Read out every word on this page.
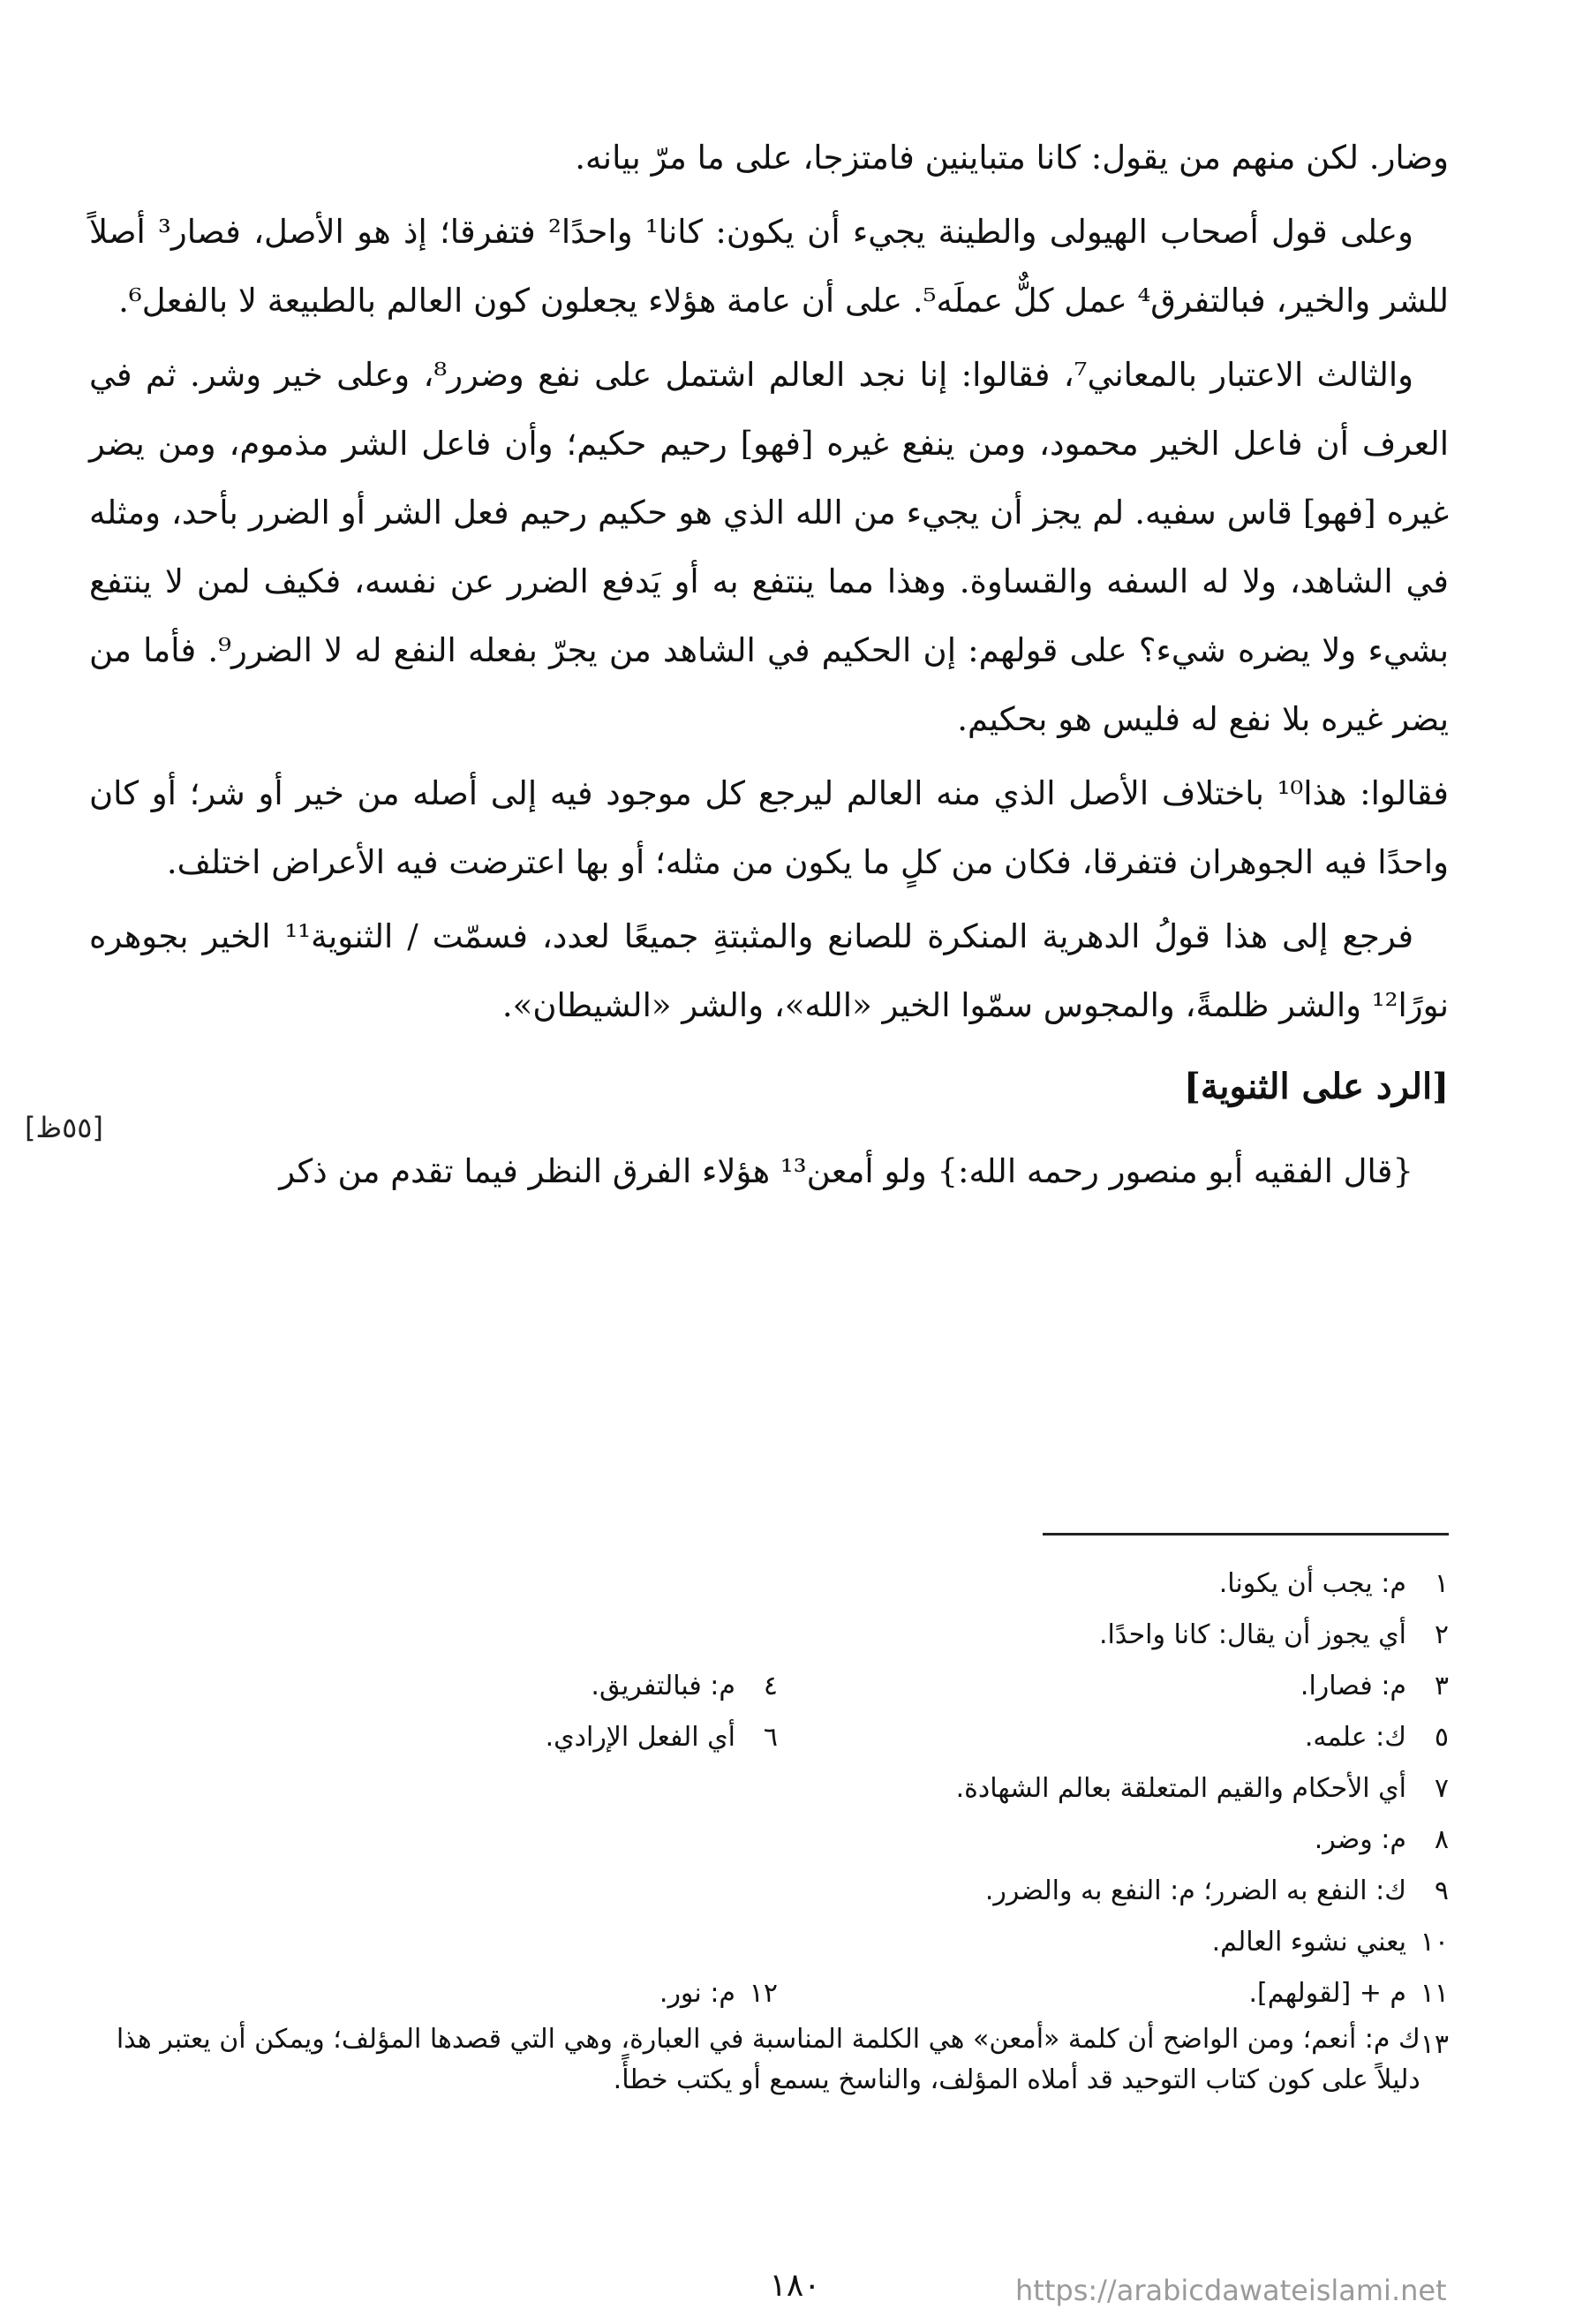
وضار. لكن منهم من يقول: كانا متباينين فامتزجا، على ما مرّ بيانه.

وعلى قول أصحاب الهيولى والطينة يجيء أن يكون: كانا¹ واحدًا² فتفرقا؛ إذ هو الأصل، فصار³ أصلاً للشر والخير، فبالتفرق⁴ عمل كلٌّ عملَه⁵. على أن عامة هؤلاء يجعلون كون العالم بالطبيعة لا بالفعل⁶.

والثالث الاعتبار بالمعاني⁷، فقالوا: إنا نجد العالم اشتمل على نفع وضرر⁸، وعلى خير وشر. ثم في العرف أن فاعل الخير محمود، ومن ينفع غيره [فهو] رحيم حكيم؛ وأن فاعل الشر مذموم، ومن يضر غيره [فهو] قاس سفيه. لم يجز أن يجيء من الله الذي هو حكيم رحيم فعل الشر أو الضرر بأحد، ومثله في الشاهد، ولا له السفه والقساوة. وهذا مما ينتفع به أو يَدفع الضرر عن نفسه، فكيف لمن لا ينتفع بشيء ولا يضره شيء؟ على قولهم: إن الحكيم في الشاهد من يجرّ بفعله النفع له لا الضرر⁹. فأما من يضر غيره بلا نفع له فليس هو بحكيم.

فقالوا: هذا¹⁰ باختلاف الأصل الذي منه العالم ليرجع كل موجود فيه إلى أصله من خير أو شر؛ أو كان واحدًا فيه الجوهران فتفرقا، فكان من كلٍ ما يكون من مثله؛ أو بها اعترضت فيه الأعراض اختلف.

فرجع إلى هذا قولُ الدهرية المنكرة للصانع والمثبتةِ جميعًا لعدد، فسمّت / الثنوية¹¹ الخير بجوهره نورًا¹² والشر ظلمةً، والمجوس سمّوا الخير «الله»، والشر «الشيطان».

[الرد على الثنوية]

{قال الفقيه أبو منصور رحمه الله:} ولو أمعن¹³ هؤلاء الفرق النظر فيما تقدم من ذكر

[٥٥ظ]
١
م: يجب أن يكونا.
٢
أي يجوز أن يقال: كانا واحدًا.
٣
م: فصارا.
٤
م: فبالتفريق.
٥
ك: علمه.
٦
أي الفعل الإرادي.
٧
أي الأحكام والقيم المتعلقة بعالم الشهادة.
٨
م: وضر.
٩
ك: النفع به الضرر؛ م: النفع به والضرر.
١٠
يعني نشوء العالم.
١١
م + [لقولهم].
١٢
م: نور.
١٣
ك م: أنعم؛ ومن الواضح أن كلمة «أمعن» هي الكلمة المناسبة في العبارة، وهي التي قصدها المؤلف؛ ويمكن أن يعتبر هذا دليلاً على كون كتاب التوحيد قد أملاه المؤلف، والناسخ يسمع أو يكتب خطأً.
١٨٠	https://arabicdawateislami.net
